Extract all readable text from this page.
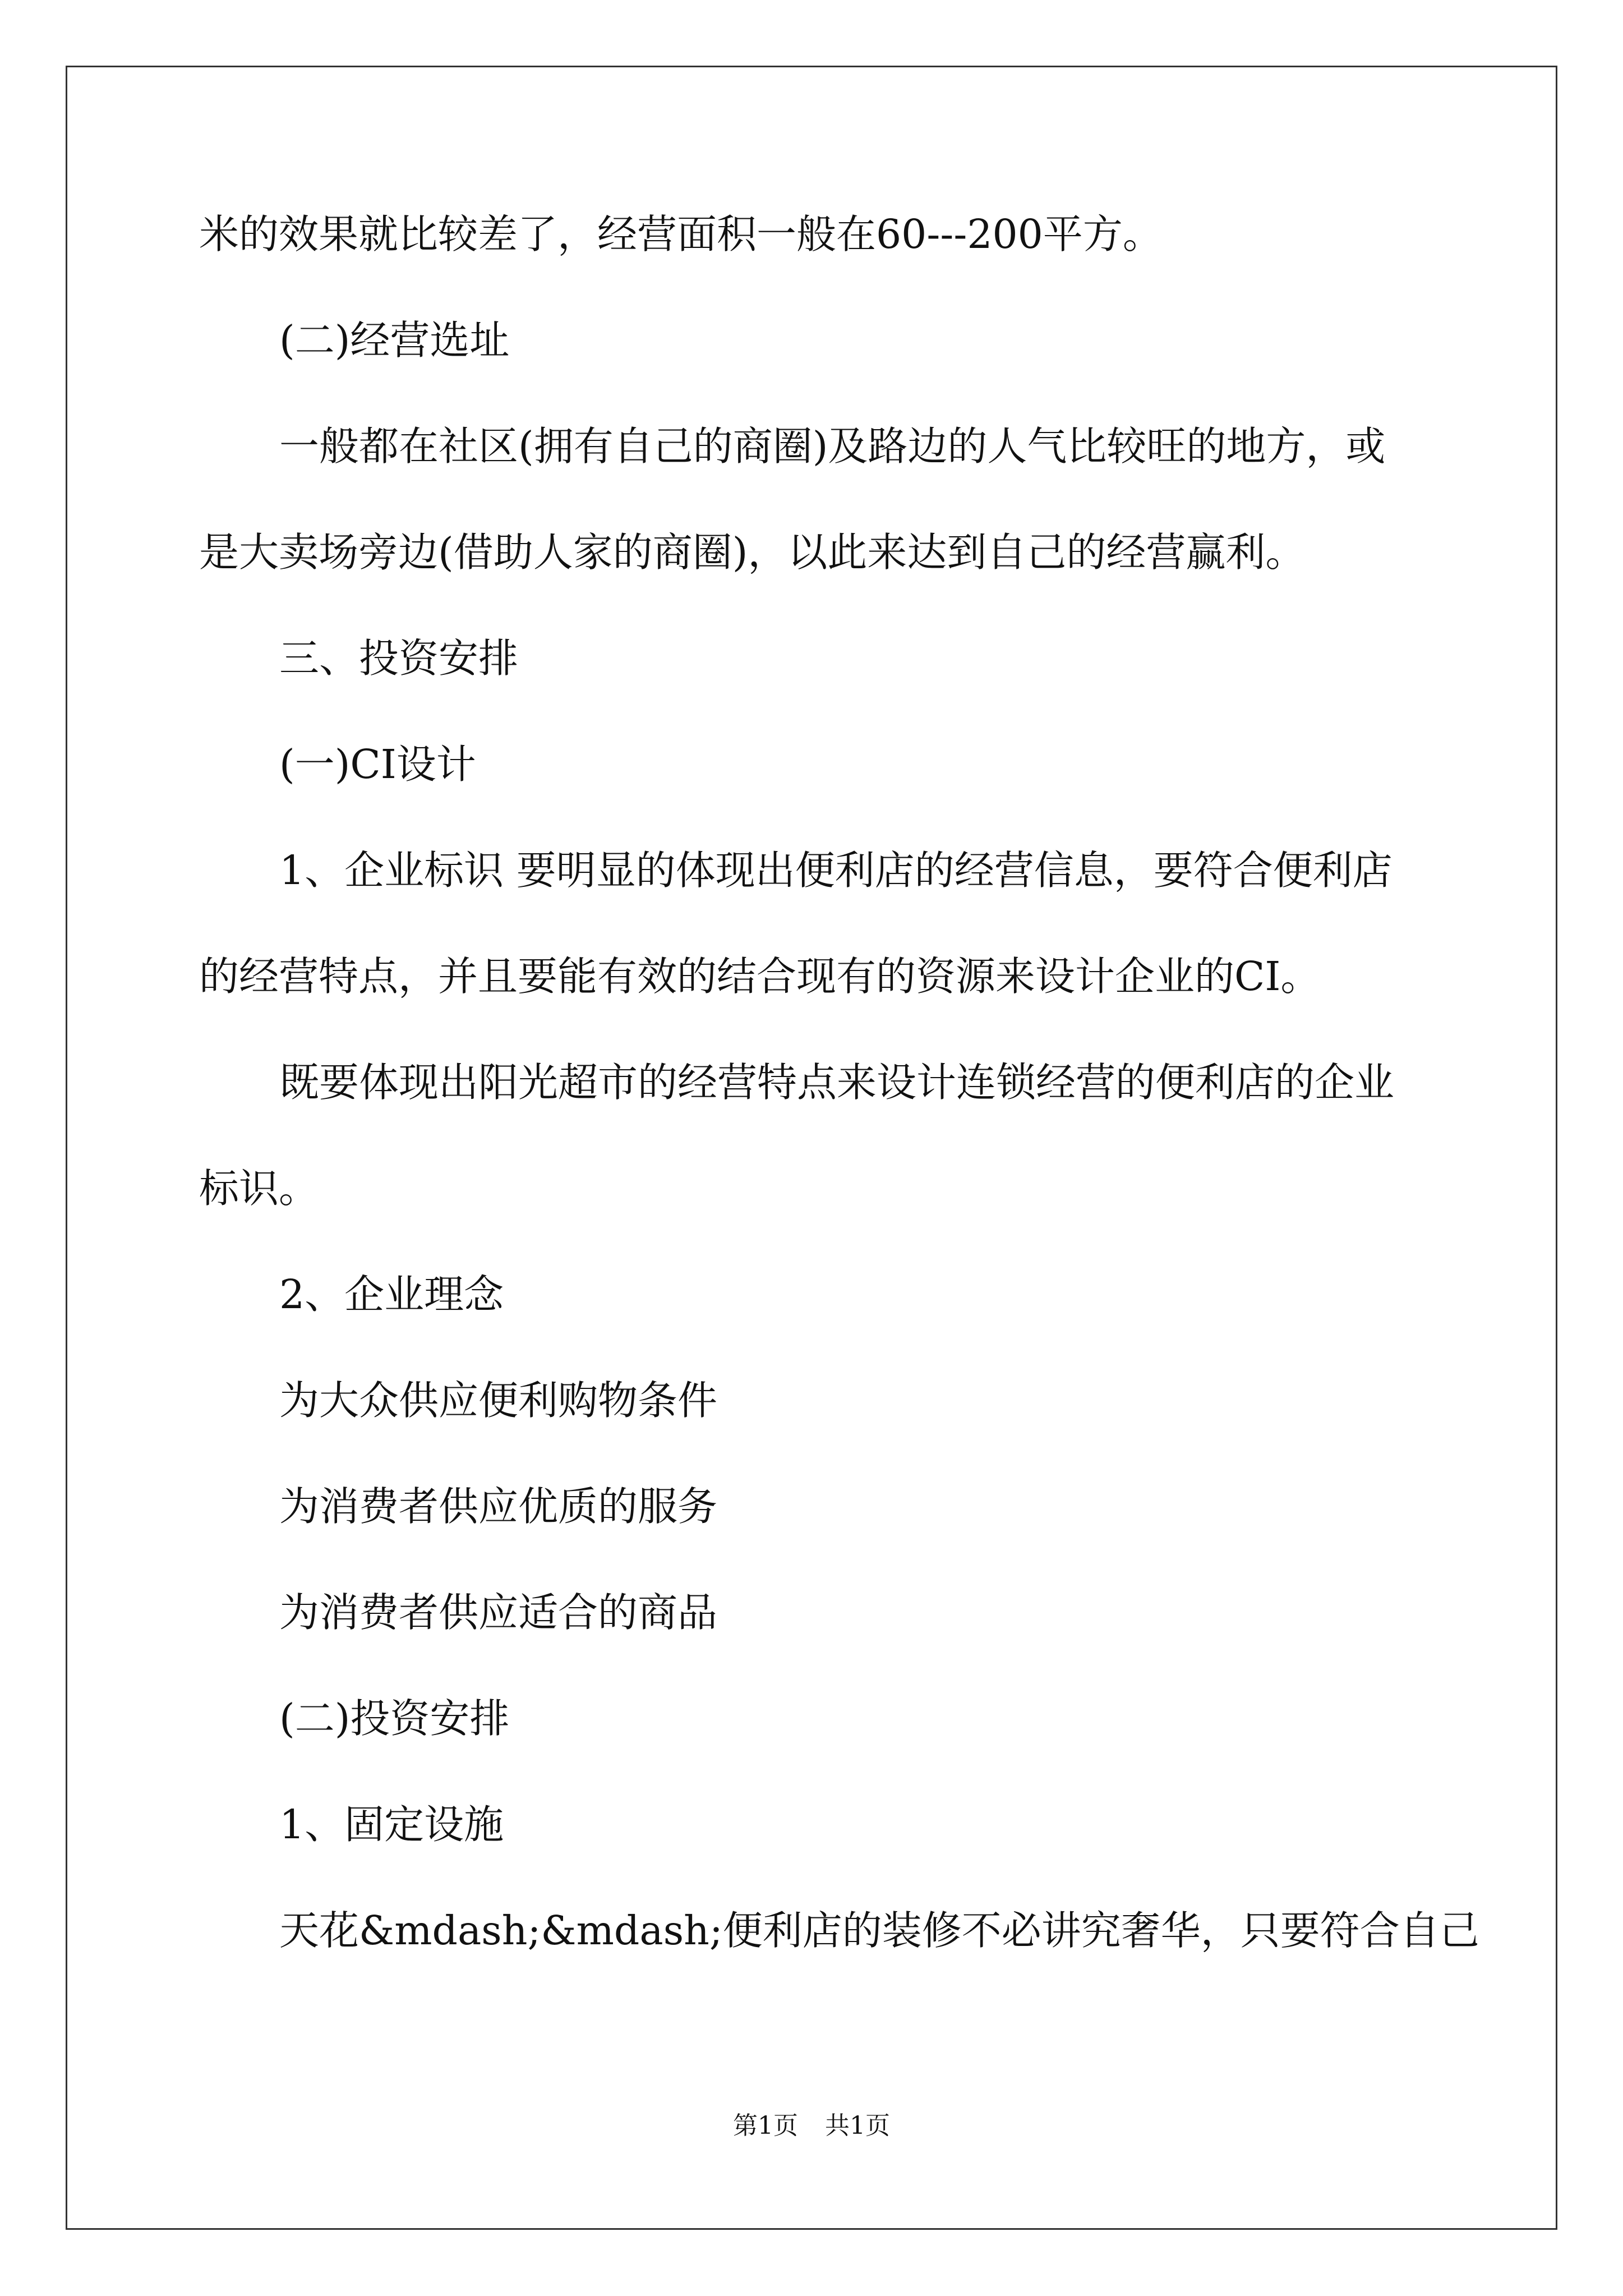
米的效果就比较差了，经营面积一般在60---200平方。

(二)经营选址

一般都在社区(拥有自己的商圈)及路边的人气比较旺的地方，或

是大卖场旁边(借助人家的商圈)，以此来达到自己的经营赢利。

三、投资安排

(一)CI设计

1、企业标识 要明显的体现出便利店的经营信息，要符合便利店

的经营特点，并且要能有效的结合现有的资源来设计企业的CI。

既要体现出阳光超市的经营特点来设计连锁经营的便利店的企业

标识。

2、企业理念

为大众供应便利购物条件

为消费者供应优质的服务

为消费者供应适合的商品

(二)投资安排

1、固定设施

天花&mdash;&mdash;便利店的装修不必讲究奢华，只要符合自己

第1页 共1页
